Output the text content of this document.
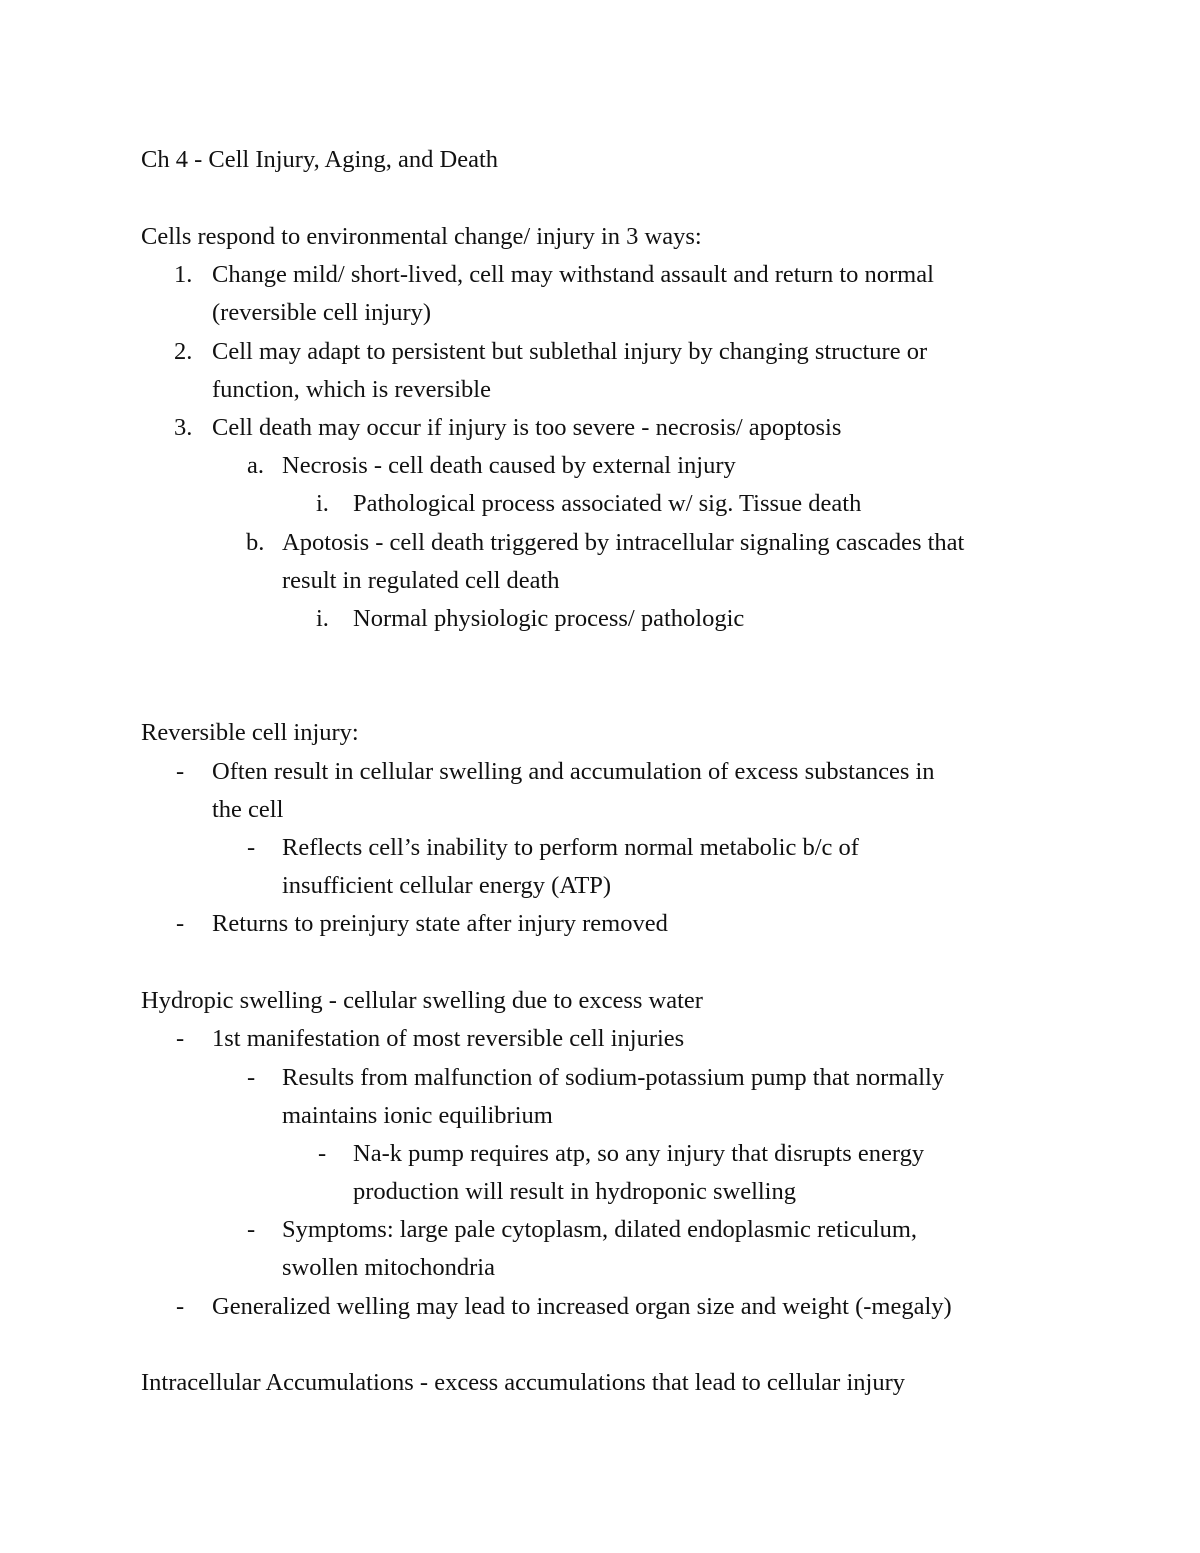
Ch 4 - Cell Injury, Aging, and Death
Cells respond to environmental change/ injury in 3 ways:
1. Change mild/ short-lived, cell may withstand assault and return to normal
(reversible cell injury)
2. Cell may adapt to persistent but sublethal injury by changing structure or
function, which is reversible
3. Cell death may occur if injury is too severe - necrosis/ apoptosis
a. Necrosis - cell death caused by external injury
i. Pathological process associated w/ sig. Tissue death
b. Apotosis - cell death triggered by intracellular signaling cascades that
result in regulated cell death
i. Normal physiologic process/ pathologic
Reversible cell injury:
- Often result in cellular swelling and accumulation of excess substances in
the cell
- Reflects cell’s inability to perform normal metabolic b/c of
insufficient cellular energy (ATP)
- Returns to preinjury state after injury removed
Hydropic swelling - cellular swelling due to excess water
- 1st manifestation of most reversible cell injuries
- Results from malfunction of sodium-potassium pump that normally
maintains ionic equilibrium
- Na-k pump requires atp, so any injury that disrupts energy
production will result in hydroponic swelling
- Symptoms: large pale cytoplasm, dilated endoplasmic reticulum,
swollen mitochondria
- Generalized welling may lead to increased organ size and weight (-megaly)
Intracellular Accumulations - excess accumulations that lead to cellular injury
